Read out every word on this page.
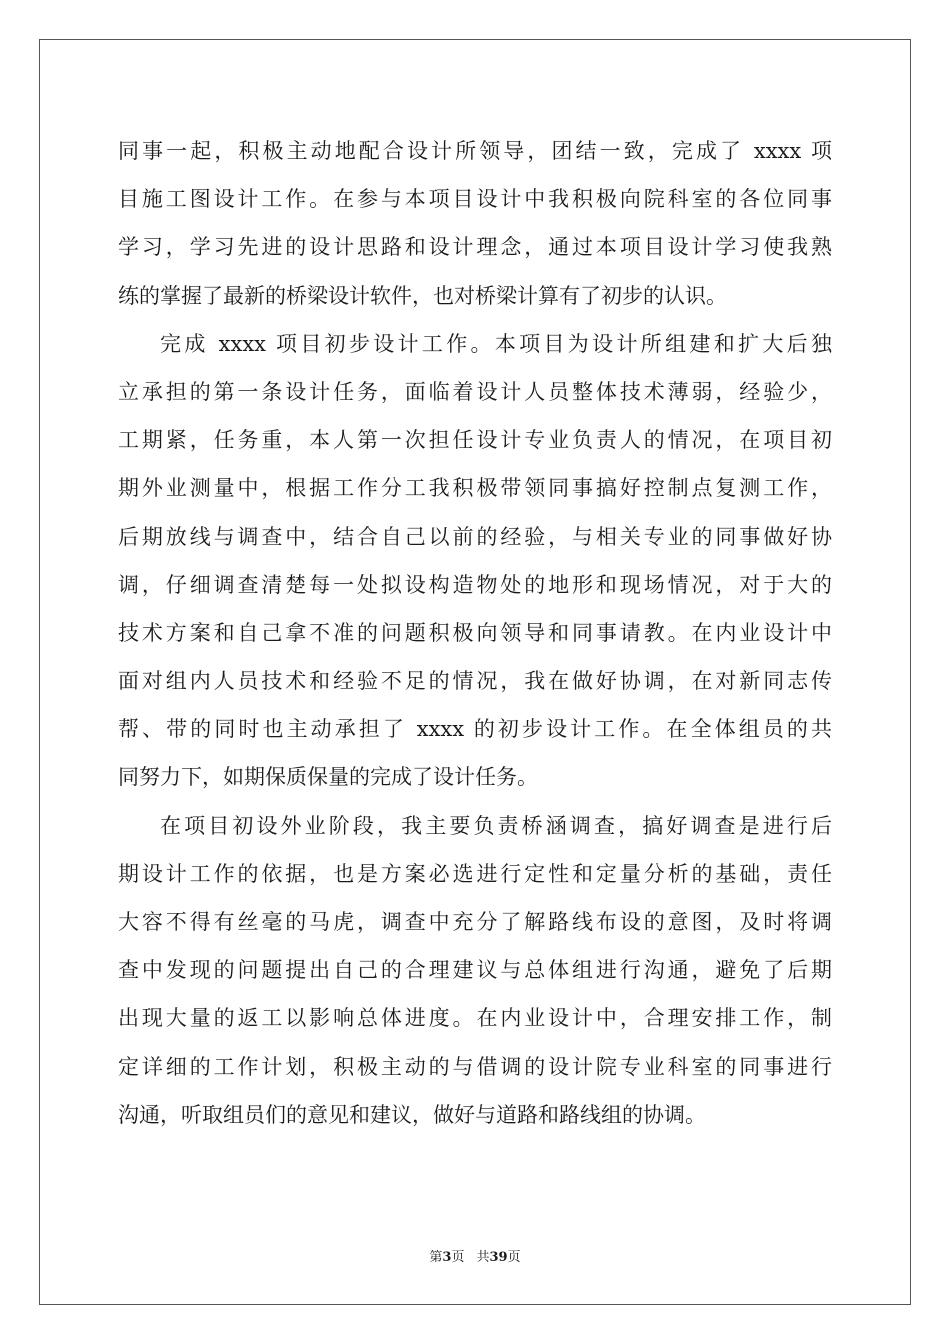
同事一起，积极主动地配合设计所领导，团结一致，完成了 xxxx 项
目施工图设计工作。在参与本项目设计中我积极向院科室的各位同事
学习，学习先进的设计思路和设计理念，通过本项目设计学习使我熟
练的掌握了最新的桥梁设计软件，也对桥梁计算有了初步的认识。
完成 xxxx 项目初步设计工作。本项目为设计所组建和扩大后独
立承担的第一条设计任务，面临着设计人员整体技术薄弱，经验少，
工期紧，任务重，本人第一次担任设计专业负责人的情况，在项目初
期外业测量中，根据工作分工我积极带领同事搞好控制点复测工作，
后期放线与调查中，结合自己以前的经验，与相关专业的同事做好协
调，仔细调查清楚每一处拟设构造物处的地形和现场情况，对于大的
技术方案和自己拿不准的问题积极向领导和同事请教。在内业设计中
面对组内人员技术和经验不足的情况，我在做好协调，在对新同志传
帮、带的同时也主动承担了 xxxx 的初步设计工作。在全体组员的共
同努力下，如期保质保量的完成了设计任务。
在项目初设外业阶段，我主要负责桥涵调查，搞好调查是进行后
期设计工作的依据，也是方案必选进行定性和定量分析的基础，责任
大容不得有丝毫的马虎，调查中充分了解路线布设的意图，及时将调
查中发现的问题提出自己的合理建议与总体组进行沟通，避免了后期
出现大量的返工以影响总体进度。在内业设计中，合理安排工作，制
定详细的工作计划，积极主动的与借调的设计院专业科室的同事进行
沟通，听取组员们的意见和建议，做好与道路和路线组的协调。
第3页 共39页
